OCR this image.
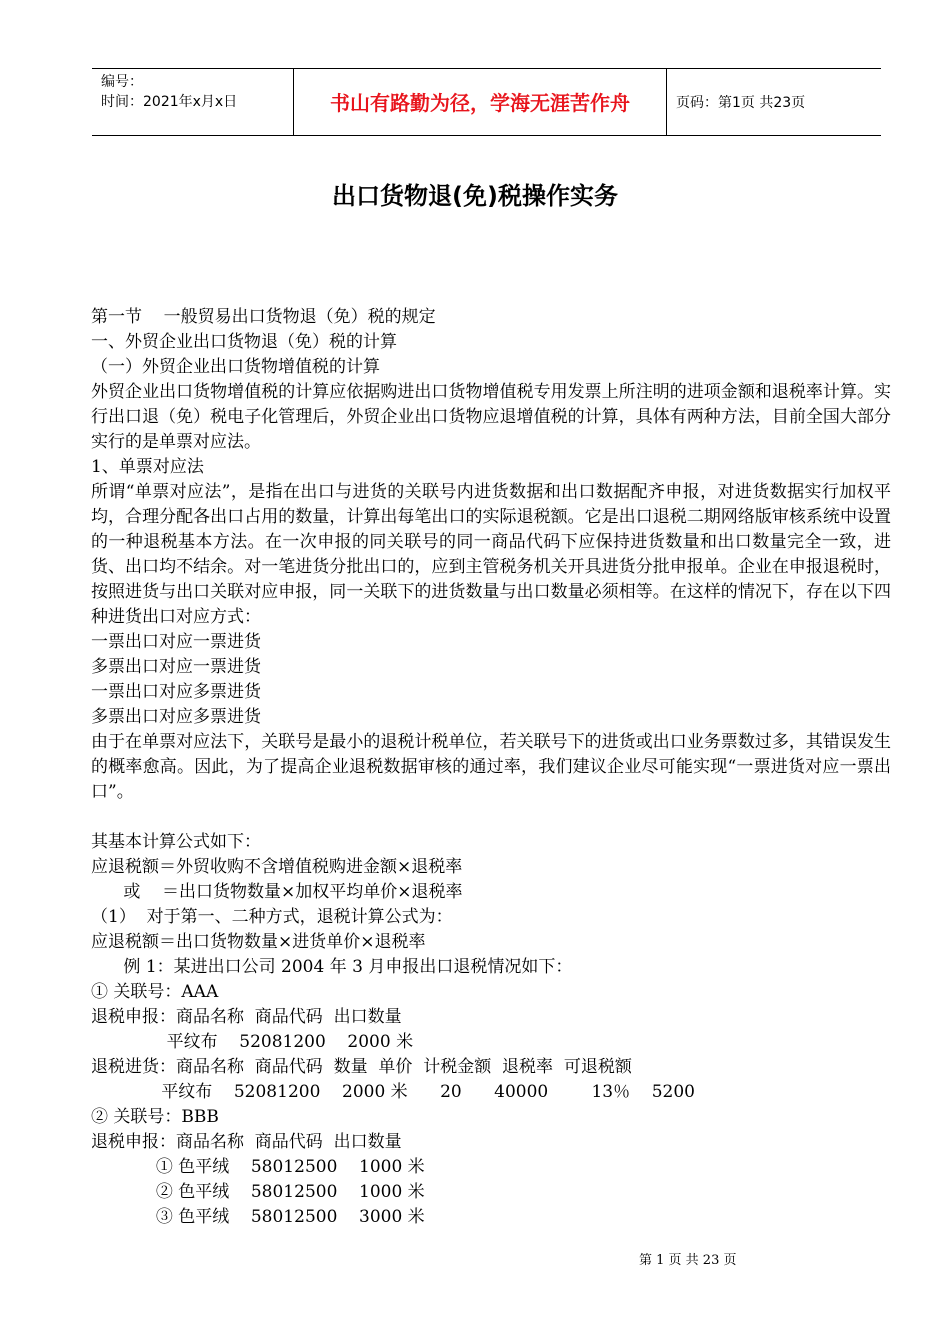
编号：
时间：2021年x月x日	书山有路勤为径，学海无涯苦作舟	页码：第1页 共23页
出口货物退(免)税操作实务

第一节    一般贸易出口货物退（免）税的规定

一、外贸企业出口货物退（免）税的计算

（一）外贸企业出口货物增值税的计算

外贸企业出口货物增值税的计算应依据购进出口货物增值税专用发票上所注明的进项金额和退税率计算。实行出口退（免）税电子化管理后，外贸企业出口货物应退增值税的计算，具体有两种方法，目前全国大部分实行的是单票对应法。

1、单票对应法

所谓“单票对应法”，是指在出口与进货的关联号内进货数据和出口数据配齐申报，对进货数据实行加权平均，合理分配各出口占用的数量，计算出每笔出口的实际退税额。它是出口退税二期网络版审核系统中设置的一种退税基本方法。在一次申报的同关联号的同一商品代码下应保持进货数量和出口数量完全一致，进货、出口均不结余。对一笔进货分批出口的，应到主管税务机关开具进货分批申报单。企业在申报退税时，按照进货与出口关联对应申报，同一关联下的进货数量与出口数量必须相等。在这样的情况下，存在以下四种进货出口对应方式：

一票出口对应一票进货

多票出口对应一票进货

一票出口对应多票进货

多票出口对应多票进货

由于在单票对应法下，关联号是最小的退税计税单位，若关联号下的进货或出口业务票数过多，其错误发生的概率愈高。因此，为了提高企业退税数据审核的通过率，我们建议企业尽可能实现“一票进货对应一票出口”。

其基本计算公式如下：

应退税额＝外贸收购不含增值税购进金额×退税率

或    ＝出口货物数量×加权平均单价×退税率

（1）  对于第一、二种方式，退税计算公式为：

应退税额＝出口货物数量×进货单价×退税率

例 1：某进出口公司 2004 年 3 月申报出口退税情况如下：

① 关联号：AAA

退税申报：商品名称  商品代码  出口数量

平纹布    52081200    2000 米

退税进货：商品名称  商品代码  数量  单价  计税金额  退税率  可退税额

平纹布    52081200    2000 米      20      40000        13％    5200

② 关联号：BBB

退税申报：商品名称  商品代码  出口数量

① 色平绒    58012500    1000 米

② 色平绒    58012500    1000 米

③ 色平绒    58012500    3000 米

第 1 页 共 23 页
